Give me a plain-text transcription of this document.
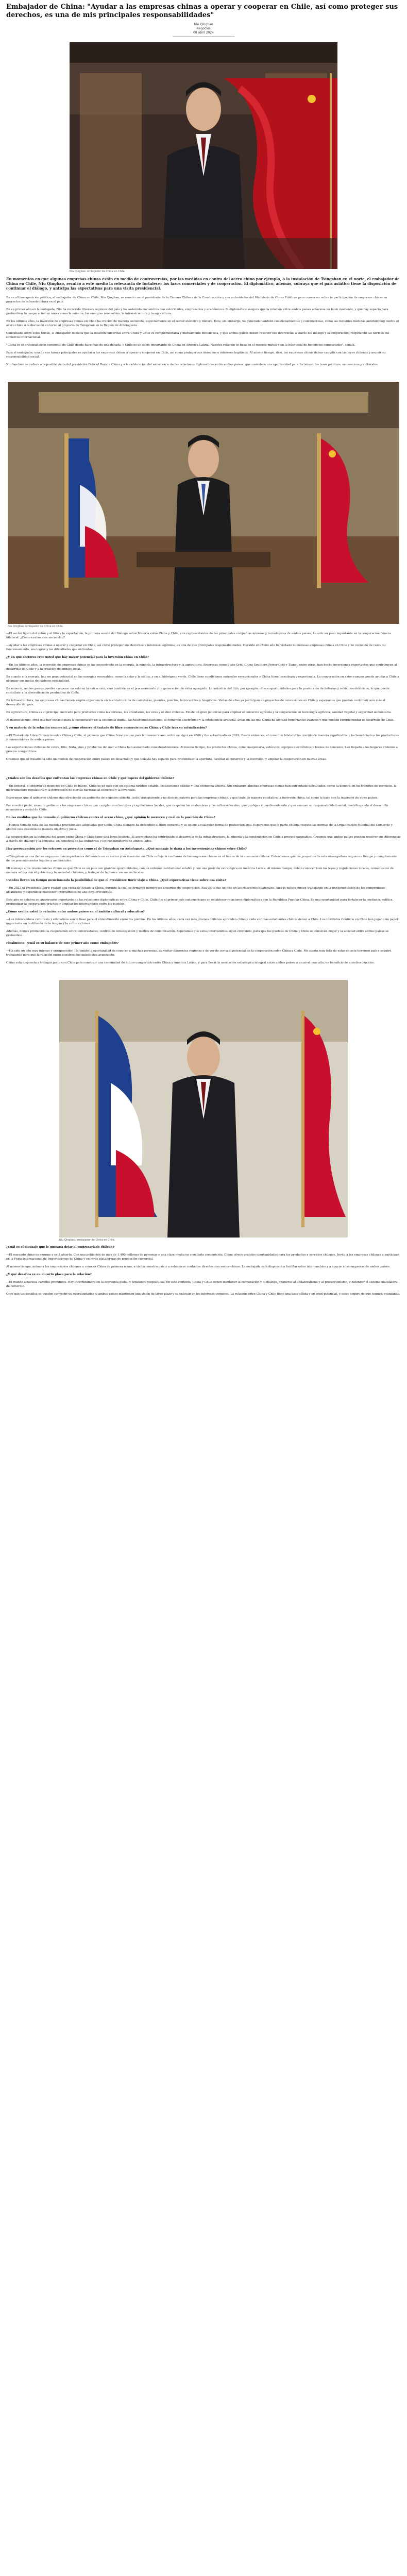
Embajador de China: "Ayudar a las empresas chinas a operar y cooperar en Chile, así como proteger sus derechos, es una de mis principales responsabilidades"
Niu Qingbao
Negocios
08 abril 2024
Niu Qingbao, embajador de China en Chile.

En momentos en que algunas empresas chinas están en medio de controversias, por las medidas en contra del acero chino por ejemplo, o la instalación de Tsingshan en el norte, el embajador de China en Chile, Niu Qingbao, recalcó a este medio la relevancia de fortalecer los lazos comerciales y de cooperación. El diplomático, además, subraya que el país asiático tiene la disposición de continuar el diálogo, y anticipa las expectativas para una visita presidencial.

En su ultima aparición pública, el embajador de China en Chile, Niu Qingbao, se reunió con el presidente de la Cámara Chilena de la Construcción y con autoridades del Ministerio de Obras Públicas para conversar sobre la participación de empresas chinas en proyectos de infraestructura en el país.

En su primer año en la embajada, Niu ha recorrido diversas regiones del país y ha sostenido encuentros con autoridades, empresarios y académicos. El diplomático asegura que la relación entre ambos países atraviesa un buen momento, y que hay espacio para profundizar la cooperación en áreas como la minería, las energías renovables, la infraestructura y la agricultura.

En los últimos años, la inversión de empresas chinas en Chile ha crecido de manera sostenida, especialmente en el sector eléctrico y minero. Esto, sin embargo, ha generado también cuestionamientos y controversias, como las recientes medidas antidumping contra el acero chino o la discusión en torno al proyecto de Tsingshan en la Región de Antofagasta.

Consultado sobre estos temas, el embajador destaca que la relación comercial entre China y Chile es complementaria y mutuamente beneficiosa, y que ambos países deben resolver sus diferencias a través del diálogo y la cooperación, respetando las normas del comercio internacional.

"China es el principal socio comercial de Chile desde hace más de una década, y Chile es un socio importante de China en América Latina. Nuestra relación se basa en el respeto mutuo y en la búsqueda de beneficios compartidos", señala.

Para el embajador, una de sus tareas principales es ayudar a las empresas chinas a operar y cooperar en Chile, así como proteger sus derechos e intereses legítimos. Al mismo tiempo, dice, las empresas chinas deben cumplir con las leyes chilenas y asumir su responsabilidad social.

Niu también se refiere a la posible visita del presidente Gabriel Boric a China y a la celebración del aniversario de las relaciones diplomáticas entre ambos países, que considera una oportunidad para fortalecer los lazos políticos, económicos y culturales.

Niu Qingbao, embajador de China en Chile.

—El sector ligero del cobre y el litio y la exportación, la primera sesión del Diálogo sobre Minería entre China y Chile, con representantes de las principales compañías mineras y tecnológicas de ambos países, ha sido un paso importante en la cooperación minera bilateral. ¿Cómo evalúa este encuentro?

—Ayudar a las empresas chinas a operar y cooperar en Chile, así como proteger sus derechos e intereses legítimos, es una de mis principales responsabilidades. Durante el último año he visitado numerosas empresas chinas en Chile y he conocido de cerca su funcionamiento, sus logros y las dificultades que enfrentan.

¿Y en qué sectores cree usted que hay mayor potencial para la inversión china en Chile?

—En los últimos años, la inversión de empresas chinas se ha concentrado en la energía, la minería, la infraestructura y la agricultura. Empresas como State Grid, China Southern Power Grid y Tianqi, entre otras, han hecho inversiones importantes que contribuyen al desarrollo de Chile y a la creación de empleo local.

En cuanto a la energía, hay un gran potencial en las energías renovables, como la solar y la eólica, y en el hidrógeno verde. Chile tiene condiciones naturales excepcionales y China tiene tecnología y experiencia. La cooperación en estos campos puede ayudar a Chile a alcanzar sus metas de carbono neutralidad.

En minería, ambos países pueden cooperar no solo en la extracción, sino también en el procesamiento y la generación de valor agregado. La industria del litio, por ejemplo, ofrece oportunidades para la producción de baterías y vehículos eléctricos, lo que puede contribuir a la diversificación productiva de Chile.

En infraestructura, las empresas chinas tienen amplia experiencia en la construcción de carreteras, puentes, puertos, ferrocarriles y hospitales. Varias de ellas ya participan en proyectos de concesiones en Chile y esperamos que puedan contribuir aún más al desarrollo del país.

En agricultura, China es el principal mercado para productos como las cerezas, los arándanos, las uvas y el vino chilenos. Existe un gran potencial para ampliar el comercio agrícola y la cooperación en tecnología agrícola, sanidad vegetal y seguridad alimentaria.

Al mismo tiempo, creo que hay espacio para la cooperación en la economía digital, las telecomunicaciones, el comercio electrónico y la inteligencia artificial, áreas en las que China ha logrado importantes avances y que pueden complementar el desarrollo de Chile.

Y en materia de la relación comercial, ¿cómo observa el tratado de libre comercio entre China y Chile tras su actualización?

—El Tratado de Libre Comercio entre China y Chile, el primero que China firmó con un país latinoamericano, entró en vigor en 2006 y fue actualizado en 2019. Desde entonces, el comercio bilateral ha crecido de manera significativa y ha beneficiado a los productores y consumidores de ambos países.

Las exportaciones chilenas de cobre, litio, fruta, vino y productos del mar a China han aumentado considerablemente. Al mismo tiempo, los productos chinos, como maquinaria, vehículos, equipos electrónicos y bienes de consumo, han llegado a los hogares chilenos a precios competitivos.

Creemos que el tratado ha sido un modelo de cooperación entre países en desarrollo y que todavía hay espacio para profundizar la apertura, facilitar el comercio y la inversión, y ampliar la cooperación en nuevas áreas.

¿Cuáles son los desafíos que enfrentan las empresas chinas en Chile y qué espera del gobierno chileno?

—En general, el entorno de negocios en Chile es bueno. Chile es un país con un sistema jurídico estable, instituciones sólidas y una economía abierta. Sin embargo, algunas empresas chinas han enfrentado dificultades, como la demora en los trámites de permisos, la incertidumbre regulatoria y la percepción de ciertas barreras al comercio y la inversión.

Esperamos que el gobierno chileno siga ofreciendo un ambiente de negocios abierto, justo, transparente y no discriminatorio para las empresas chinas, y que trate de manera equitativa la inversión china, tal como lo hace con la inversión de otros países.

Por nuestra parte, siempre pedimos a las empresas chinas que cumplan con las leyes y regulaciones locales, que respeten las costumbres y las culturas locales, que protejan el medioambiente y que asuman su responsabilidad social, contribuyendo al desarrollo económico y social de Chile.

En las medidas que ha tomado el gobierno chileno contra el acero chino, ¿qué opinión le merecen y cuál es la posición de China?

—Hemos tomado nota de las medidas provisionales adoptadas por Chile. China siempre ha defendido el libre comercio y se opone a cualquier forma de proteccionismo. Esperamos que la parte chilena respete las normas de la Organización Mundial del Comercio y aborde esta cuestión de manera objetiva y justa.

La cooperación en la industria del acero entre China y Chile tiene una larga historia. El acero chino ha contribuido al desarrollo de la infraestructura, la minería y la construcción en Chile a precios razonables. Creemos que ambos países pueden resolver sus diferencias a través del diálogo y la consulta, en beneficio de las industrias y los consumidores de ambos lados.

Hay preocupación por los retrasos en proyectos como el de Tsingshan en Antofagasta. ¿Qué mensaje le daría a los inversionistas chinos sobre Chile?

—Tsingshan es una de las empresas más importantes del mundo en su sector y su inversión en Chile refleja la confianza de las empresas chinas en el futuro de la economía chilena. Entendemos que los proyectos de esta envergadura requieren tiempo y cumplimiento de los procedimientos legales y ambientales.

Mi mensaje a los inversionistas chinos es que Chile es un país con grandes oportunidades, con un entorno institucional estable y con una posición estratégica en América Latina. Al mismo tiempo, deben conocer bien las leyes y regulaciones locales, comunicarse de manera activa con el gobierno y la sociedad chilenos, y trabajar de la mano con socios locales.

Ustedes llevan un tiempo mencionando la posibilidad de que el Presidente Boric viaje a China. ¿Qué expectativas tiene sobre esa visita?

—En 2023 el Presidente Boric realizó una visita de Estado a China, durante la cual se firmaron numerosos acuerdos de cooperación. Esa visita fue un hito en las relaciones bilaterales. Ambos países siguen trabajando en la implementación de los compromisos alcanzados y esperamos mantener intercambios de alto nivel frecuentes.

Este año se celebra un aniversario importante de las relaciones diplomáticas entre China y Chile. Chile fue el primer país sudamericano en establecer relaciones diplomáticas con la República Popular China. Es una oportunidad para fortalecer la confianza política, profundizar la cooperación práctica y ampliar los intercambios entre los pueblos.

¿Cómo evalúa usted la relación entre ambos países en el ámbito cultural y educativo?

—Los intercambios culturales y educativos son la base para el entendimiento entre los pueblos. En los últimos años, cada vez más jóvenes chilenos aprenden chino y cada vez más estudiantes chinos vienen a Chile. Los Institutos Confucio en Chile han jugado un papel importante en la difusión de la lengua y la cultura chinas.

Además, hemos promovido la cooperación entre universidades, centros de investigación y medios de comunicación. Esperamos que estos intercambios sigan creciendo, para que los pueblos de China y Chile se conozcan mejor y la amistad entre ambos países se profundice.

Finalmente, ¿cuál es su balance de este primer año como embajador?

—Ha sido un año muy intenso y enriquecedor. He tenido la oportunidad de conocer a muchas personas, de visitar diferentes regiones y de ver de cerca el potencial de la cooperación entre China y Chile. Me siento muy feliz de estar en este hermoso país y seguiré trabajando para que la relación entre nuestros dos países siga avanzando.

China está dispuesta a trabajar junto con Chile para construir una comunidad de futuro compartido entre China y América Latina, y para llevar la asociación estratégica integral entre ambos países a un nivel más alto, en beneficio de nuestros pueblos.

Niu Qingbao, embajador de China en Chile.

¿Cuál es el mensaje que le gustaría dejar al empresariado chileno?

—El mercado chino es enorme y está abierto. Con una población de más de 1.400 millones de personas y una clase media en constante crecimiento, China ofrece grandes oportunidades para los productos y servicios chilenos. Invito a las empresas chilenas a participar en la Feria Internacional de Importaciones de China y en otras plataformas de promoción comercial.

Al mismo tiempo, animo a los empresarios chilenos a conocer China de primera mano, a visitar nuestro país y a establecer contactos directos con socios chinos. La embajada está dispuesta a facilitar estos intercambios y a apoyar a las empresas de ambos países.

¿Y qué desafíos ve en el corto plazo para la relación?

—El mundo atraviesa cambios profundos. Hay incertidumbre en la economía global y tensiones geopolíticas. En este contexto, China y Chile deben mantener la cooperación y el diálogo, oponerse al unilateralismo y al proteccionismo, y defender el sistema multilateral de comercio.

Creo que los desafíos se pueden convertir en oportunidades si ambos países mantienen una visión de largo plazo y se enfocan en los intereses comunes. La relación entre China y Chile tiene una base sólida y un gran potencial, y estoy seguro de que seguirá avanzando.
